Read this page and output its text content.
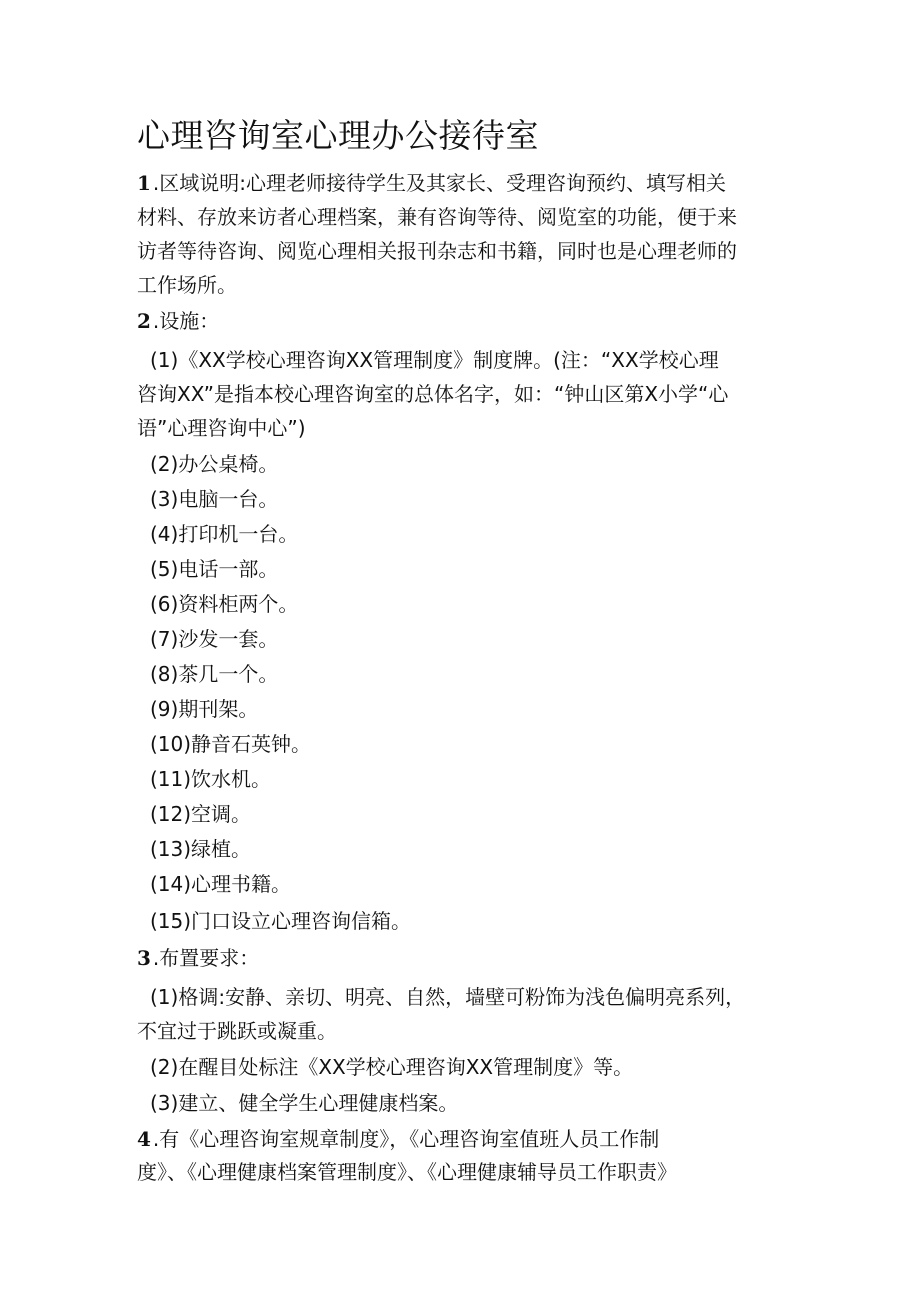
心理咨询室心理办公接待室

1 .区域说明:心理老师接待学生及其家长、受理咨询预约、填写相关

材料、存放来访者心理档案，兼有咨询等待、阅览室的功能，便于来

访者等待咨询、阅览心理相关报刊杂志和书籍，同时也是心理老师的

工作场所。

2 .设施：

(1)《XX学校心理咨询XX管理制度》制度牌。(注：“XX学校心理

咨询XX”是指本校心理咨询室的总体名字，如：“钟山区第X小学“心

语”心理咨询中心”)

(2)办公桌椅。

(3)电脑一台。

(4)打印机一台。

(5)电话一部。

(6)资料柜两个。

(7)沙发一套。

(8)茶几一个。

(9)期刊架。

(10)静音石英钟。

(11)饮水机。

(12)空调。

(13)绿植。

(14)心理书籍。

(15)门口设立心理咨询信箱。

3 .布置要求：

(1)格调:安静、亲切、明亮、自然，墙壁可粉饰为浅色偏明亮系列，

不宜过于跳跃或凝重。

(2)在醒目处标注《XX学校心理咨询XX管理制度》等。

(3)建立、健全学生心理健康档案。

4 .有《心理咨询室规章制度》，《心理咨询室值班人员工作制

度》、《心理健康档案管理制度》、《心理健康辅导员工作职责》
